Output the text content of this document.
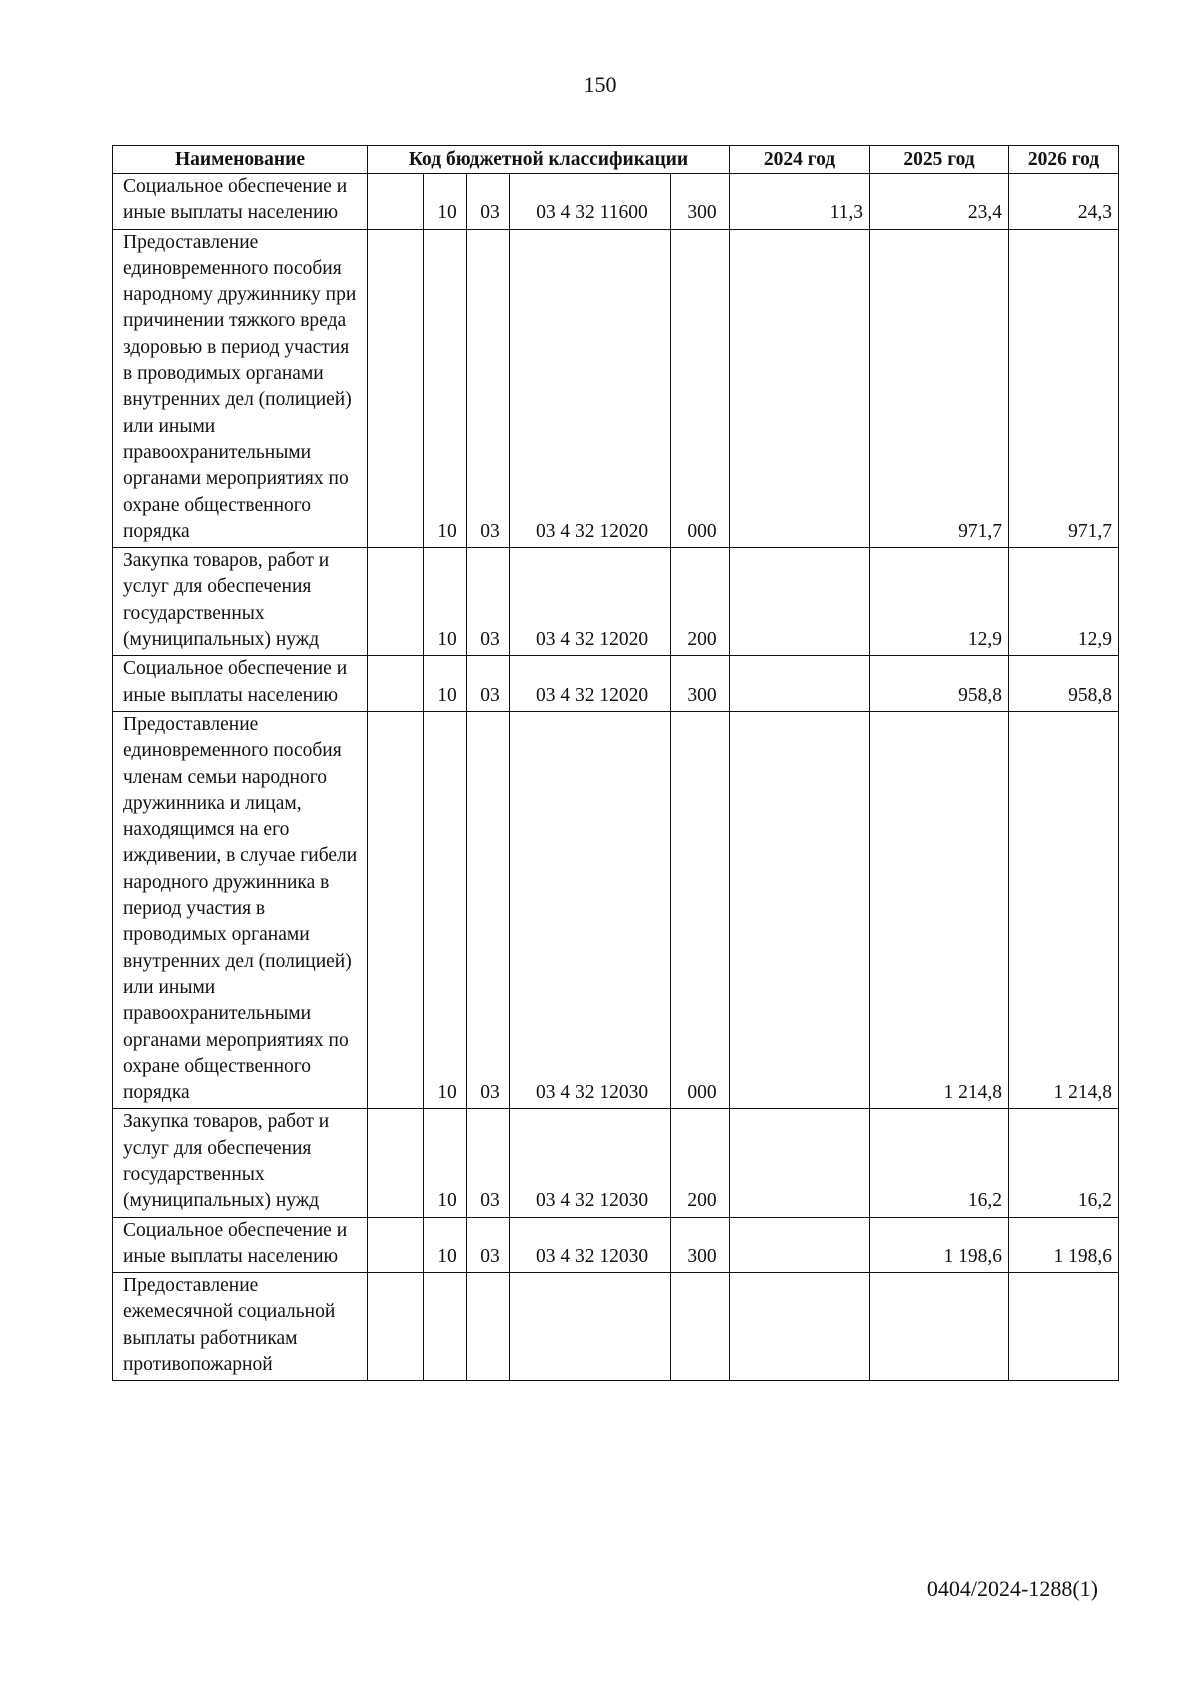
150
Наименование	Код бюджетной классификации					2024 год	2025 год	2026 год
Социальное обеспечение и иные выплаты населению		10	03	03 4 32 11600	300	11,3	23,4	24,3
Предоставление единовременного пособия народному дружиннику при причинении тяжкого вреда здоровью в период участия в проводимых органами внутренних дел (полицией) или иными правоохранительными органами мероприятиях по охране общественного порядка		10	03	03 4 32 12020	000		971,7	971,7
Закупка товаров, работ и услуг для обеспечения государственных (муниципальных) нужд		10	03	03 4 32 12020	200		12,9	12,9
Социальное обеспечение и иные выплаты населению		10	03	03 4 32 12020	300		958,8	958,8
Предоставление единовременного пособия членам семьи народного дружинника и лицам, находящимся на его иждивении, в случае гибели народного дружинника в период участия в проводимых органами внутренних дел (полицией) или иными правоохранительными органами мероприятиях по охране общественного порядка		10	03	03 4 32 12030	000		1 214,8	1 214,8
Закупка товаров, работ и услуг для обеспечения государственных (муниципальных) нужд		10	03	03 4 32 12030	200		16,2	16,2
Социальное обеспечение и иные выплаты населению		10	03	03 4 32 12030	300		1 198,6	1 198,6
Предоставление ежемесячной социальной выплаты работникам противопожарной								
0404/2024-1288(1)
